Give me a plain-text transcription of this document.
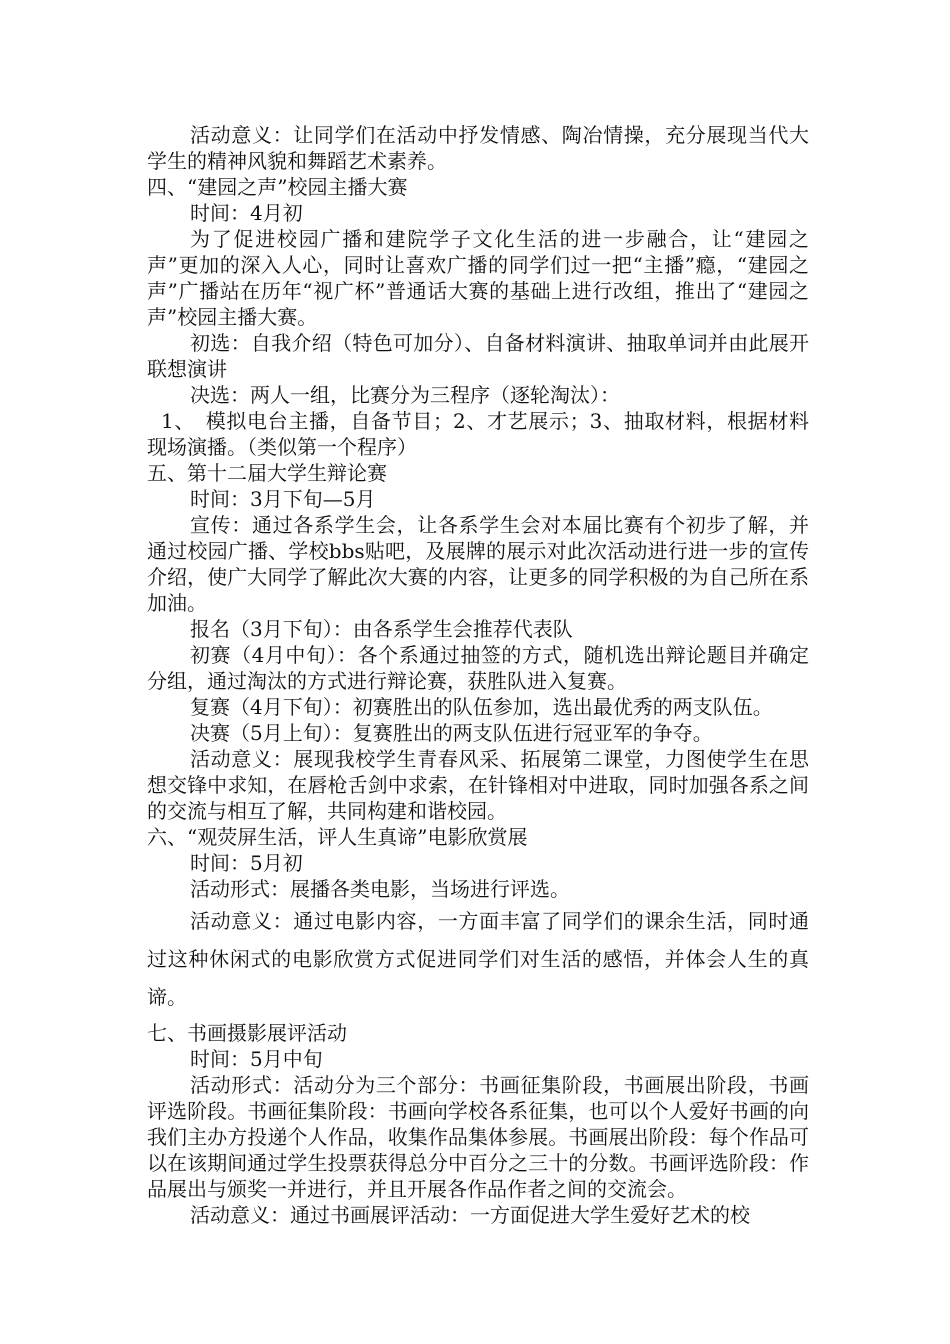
活动意义：让同学们在活动中抒发情感、陶冶情操，充分展现当代大学生的精神风貌和舞蹈艺术素养。

四、“建园之声”校园主播大赛

时间：4月初

为了促进校园广播和建院学子文化生活的进一步融合，让“建园之声”更加的深入人心，同时让喜欢广播的同学们过一把“主播”瘾，“建园之声”广播站在历年“视广杯”普通话大赛的基础上进行改组，推出了“建园之声”校园主播大赛。

初选：自我介绍（特色可加分）、自备材料演讲、抽取单词并由此展开联想演讲

决选：两人一组，比赛分为三程序（逐轮淘汰）：

1、　模拟电台主播，自备节目；2、才艺展示；3、抽取材料，根据材料现场演播。（类似第一个程序）

五、第十二届大学生辩论赛

时间：3月下旬—5月

宣传：通过各系学生会，让各系学生会对本届比赛有个初步了解，并通过校园广播、学校bbs贴吧，及展牌的展示对此次活动进行进一步的宣传介绍，使广大同学了解此次大赛的内容，让更多的同学积极的为自己所在系加油。

报名（3月下旬）：由各系学生会推荐代表队

初赛（4月中旬）：各个系通过抽签的方式，随机选出辩论题目并确定分组，通过淘汰的方式进行辩论赛，获胜队进入复赛。

复赛（4月下旬）：初赛胜出的队伍参加，选出最优秀的两支队伍。

决赛（5月上旬）：复赛胜出的两支队伍进行冠亚军的争夺。

活动意义：展现我校学生青春风采、拓展第二课堂，力图使学生在思想交锋中求知，在唇枪舌剑中求索，在针锋相对中进取，同时加强各系之间的交流与相互了解，共同构建和谐校园。

六、“观荧屏生活，评人生真谛”电影欣赏展

时间：5月初

活动形式：展播各类电影，当场进行评选。

活动意义：通过电影内容，一方面丰富了同学们的课余生活，同时通过这种休闲式的电影欣赏方式促进同学们对生活的感悟，并体会人生的真谛。

七、书画摄影展评活动

时间：5月中旬

活动形式：活动分为三个部分：书画征集阶段，书画展出阶段，书画评选阶段。书画征集阶段：书画向学校各系征集，也可以个人爱好书画的向我们主办方投递个人作品，收集作品集体参展。书画展出阶段：每个作品可以在该期间通过学生投票获得总分中百分之三十的分数。书画评选阶段：作品展出与颁奖一并进行，并且开展各作品作者之间的交流会。

活动意义：通过书画展评活动：一方面促进大学生爱好艺术的校
